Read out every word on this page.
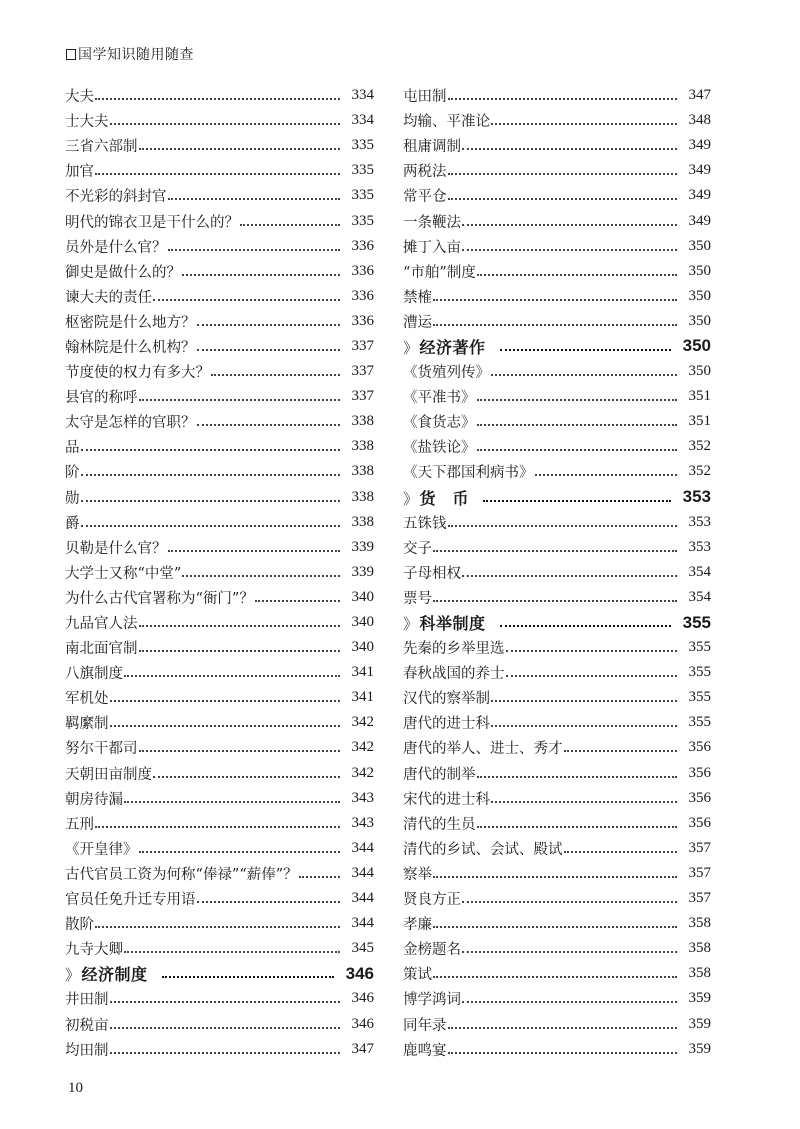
国学知识随用随查
大夫	334
士大夫	334
三省六部制	335
加官	335
不光彩的斜封官	335
明代的锦衣卫是干什么的？	335
员外是什么官？	336
御史是做什么的？	336
谏大夫的责任	336
枢密院是什么地方？	336
翰林院是什么机构？	337
节度使的权力有多大？	337
县官的称呼	337
太守是怎样的官职？	338
品	338
阶	338
勋	338
爵	338
贝勒是什么官？	339
大学士又称“中堂”	339
为什么古代官署称为“衙门”？	340
九品官人法	340
南北面官制	340
八旗制度	341
军机处	341
羁縻制	342
努尔干都司	342
天朝田亩制度	342
朝房待漏	343
五刑	343
《开皇律》	344
古代官员工资为何称“俸禄”“薪俸”？	344
官员任免升迁专用语	344
散阶	344
九寺大卿	345
》经济制度	346
井田制	346
初税亩	346
均田制	347
屯田制	347
均输、平准论	348
租庸调制	349
两税法	349
常平仓	349
一条鞭法	349
摊丁入亩	350
“市舶”制度	350
禁榷	350
漕运	350
》经济著作	350
《货殖列传》	350
《平准书》	351
《食货志》	351
《盐铁论》	352
《天下郡国利病书》	352
》货　币	353
五铢钱	353
交子	353
子母相权	354
票号	354
》科举制度	355
先秦的乡举里选	355
春秋战国的养士	355
汉代的察举制	355
唐代的进士科	355
唐代的举人、进士、秀才	356
唐代的制举	356
宋代的进士科	356
清代的生员	356
清代的乡试、会试、殿试	357
察举	357
贤良方正	357
孝廉	358
金榜题名	358
策试	358
博学鸿词	359
同年录	359
鹿鸣宴	359
10
